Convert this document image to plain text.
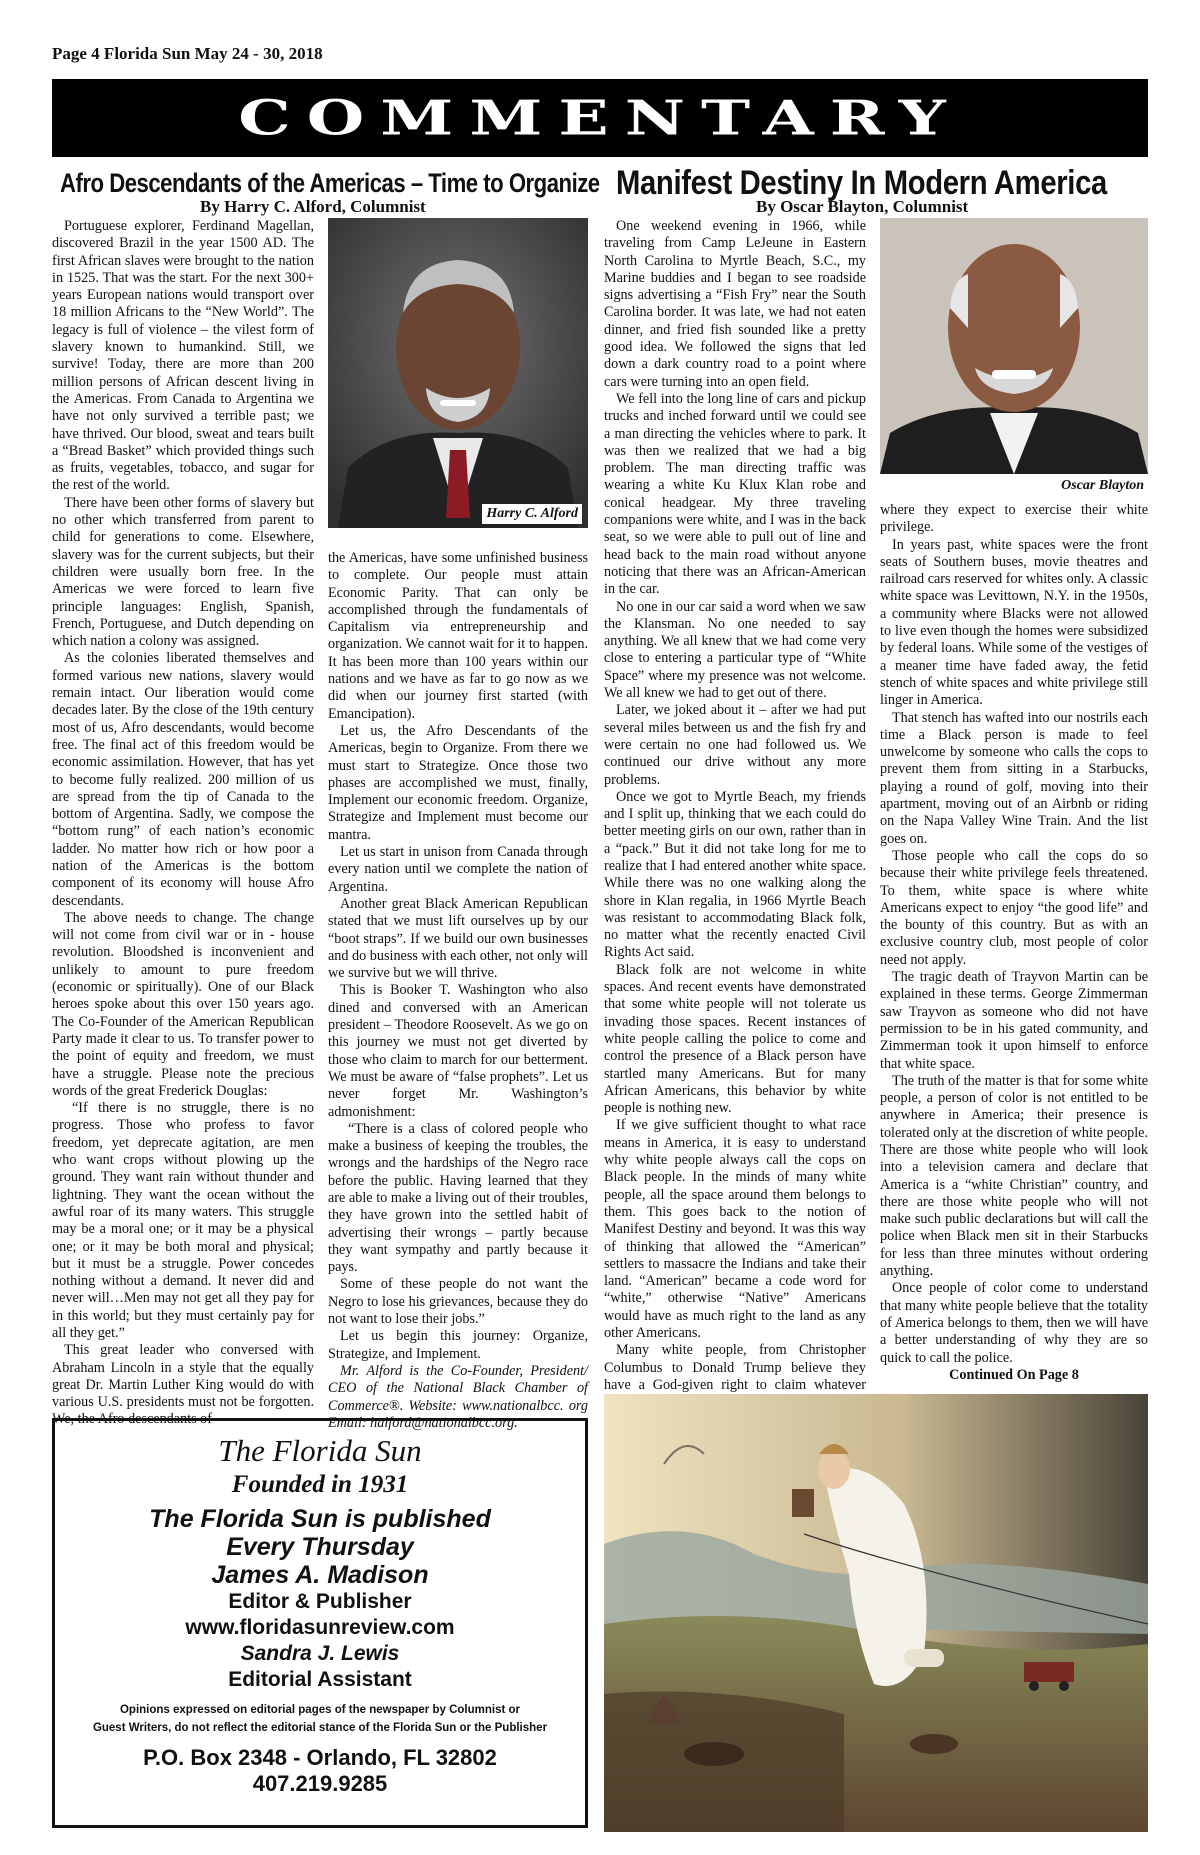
Page 4 Florida Sun May 24 - 30, 2018
COMMENTARY
Afro Descendants of the Americas – Time to Organize
By Harry C. Alford, Columnist

Portuguese explorer, Ferdinand Magellan, discovered Brazil in the year 1500 AD. The first African slaves were brought to the nation in 1525. That was the start. For the next 300+ years European nations would transport over 18 million Africans to the “New World”. The legacy is full of violence – the vilest form of slavery known to humankind. Still, we survive! Today, there are more than 200 million persons of African descent living in the Americas. From Canada to Argentina we have not only survived a terrible past; we have thrived. Our blood, sweat and tears built a “Bread Basket” which provided things such as fruits, vegetables, tobacco, and sugar for the rest of the world.

There have been other forms of slavery but no other which transferred from parent to child for generations to come. Elsewhere, slavery was for the current subjects, but their children were usually born free. In the Americas we were forced to learn five principle languages: English, Spanish, French, Portuguese, and Dutch depending on which nation a colony was assigned.

As the colonies liberated themselves and formed various new nations, slavery would remain intact. Our liberation would come decades later. By the close of the 19th century most of us, Afro descendants, would become free. The final act of this freedom would be economic assimilation. However, that has yet to become fully realized. 200 million of us are spread from the tip of Canada to the bottom of Argentina. Sadly, we compose the “bottom rung” of each nation’s economic ladder. No matter how rich or how poor a nation of the Americas is the bottom component of its economy will house Afro descendants.

The above needs to change. The change will not come from civil war or in - house revolution. Bloodshed is inconvenient and unlikely to amount to pure freedom (economic or spiritually). One of our Black heroes spoke about this over 150 years ago. The Co-Founder of the American Republican Party made it clear to us. To transfer power to the point of equity and freedom, we must have a struggle. Please note the precious words of the great Frederick Douglas:

“If there is no struggle, there is no progress. Those who profess to favor freedom, yet deprecate agitation, are men who want crops without plowing up the ground. They want rain without thunder and lightning. They want the ocean without the awful roar of its many waters. This struggle may be a moral one; or it may be a physical one; or it may be both moral and physical; but it must be a struggle. Power concedes nothing without a demand. It never did and never will…Men may not get all they pay for in this world; but they must certainly pay for all they get.”

This great leader who conversed with Abraham Lincoln in a style that the equally great Dr. Martin Luther King would do with various U.S. presidents must not be forgotten. We, the Afro descendants of

Harry C. Alford

the Americas, have some unfinished business to complete. Our people must attain Economic Parity. That can only be accomplished through the fundamentals of Capitalism via entrepreneurship and organization. We cannot wait for it to happen. It has been more than 100 years within our nations and we have as far to go now as we did when our journey first started (with Emancipation).

Let us, the Afro Descendants of the Americas, begin to Organize. From there we must start to Strategize. Once those two phases are accomplished we must, finally, Implement our economic freedom. Organize, Strategize and Implement must become our mantra.

Let us start in unison from Canada through every nation until we complete the nation of Argentina.

Another great Black American Republican stated that we must lift ourselves up by our “boot straps”. If we build our own businesses and do business with each other, not only will we survive but we will thrive.

This is Booker T. Washington who also dined and conversed with an American president – Theodore Roosevelt. As we go on this journey we must not get diverted by those who claim to march for our betterment. We must be aware of “false prophets”. Let us never forget Mr. Washington’s admonishment:

“There is a class of colored people who make a business of keeping the troubles, the wrongs and the hardships of the Negro race before the public. Having learned that they are able to make a living out of their troubles, they have grown into the settled habit of advertising their wrongs – partly because they want sympathy and partly because it pays.

Some of these people do not want the Negro to lose his grievances, because they do not want to lose their jobs.”

Let us begin this journey: Organize, Strategize, and Implement.

Mr. Alford is the Co-Founder, President/ CEO of the National Black Chamber of Commerce®. Website: www.nationalbcc. org Email: halford@nationalbcc.org.

Manifest Destiny In Modern America
By Oscar Blayton, Columnist

One weekend evening in 1966, while traveling from Camp LeJeune in Eastern North Carolina to Myrtle Beach, S.C., my Marine buddies and I began to see roadside signs advertising a “Fish Fry” near the South Carolina border. It was late, we had not eaten dinner, and fried fish sounded like a pretty good idea. We followed the signs that led down a dark country road to a point where cars were turning into an open field.

We fell into the long line of cars and pickup trucks and inched forward until we could see a man directing the vehicles where to park. It was then we realized that we had a big problem. The man directing traffic was wearing a white Ku Klux Klan robe and conical headgear. My three traveling companions were white, and I was in the back seat, so we were able to pull out of line and head back to the main road without anyone noticing that there was an African-American in the car.

No one in our car said a word when we saw the Klansman. No one needed to say anything. We all knew that we had come very close to entering a particular type of “White Space” where my presence was not welcome. We all knew we had to get out of there.

Later, we joked about it – after we had put several miles between us and the fish fry and were certain no one had followed us. We continued our drive without any more problems.

Once we got to Myrtle Beach, my friends and I split up, thinking that we each could do better meeting girls on our own, rather than in a “pack.” But it did not take long for me to realize that I had entered another white space. While there was no one walking along the shore in Klan regalia, in 1966 Myrtle Beach was resistant to accommodating Black folk, no matter what the recently enacted Civil Rights Act said.

Black folk are not welcome in white spaces. And recent events have demonstrated that some white people will not tolerate us invading those spaces. Recent instances of white people calling the police to come and control the presence of a Black person have startled many Americans. But for many African Americans, this behavior by white people is nothing new.

If we give sufficient thought to what race means in America, it is easy to understand why white people always call the cops on Black people. In the minds of many white people, all the space around them belongs to them. This goes back to the notion of Manifest Destiny and beyond. It was this way of thinking that allowed the “American” settlers to massacre the Indians and take their land. “American” became a code word for “white,” otherwise “Native” Americans would have as much right to the land as any other Americans.

Many white people, from Christopher Columbus to Donald Trump believe they have a God-given right to claim whatever

Oscar Blayton

where they expect to exercise their white privilege.

In years past, white spaces were the front seats of Southern buses, movie theatres and railroad cars reserved for whites only. A classic white space was Levittown, N.Y. in the 1950s, a community where Blacks were not allowed to live even though the homes were subsidized by federal loans. While some of the vestiges of a meaner time have faded away, the fetid stench of white spaces and white privilege still linger in America.

That stench has wafted into our nostrils each time a Black person is made to feel unwelcome by someone who calls the cops to prevent them from sitting in a Starbucks, playing a round of golf, moving into their apartment, moving out of an Airbnb or riding on the Napa Valley Wine Train. And the list goes on.

Those people who call the cops do so because their white privilege feels threatened. To them, white space is where white Americans expect to enjoy “the good life” and the bounty of this country. But as with an exclusive country club, most people of color need not apply.

The tragic death of Trayvon Martin can be explained in these terms. George Zimmerman saw Trayvon as someone who did not have permission to be in his gated community, and Zimmerman took it upon himself to enforce that white space.

The truth of the matter is that for some white people, a person of color is not entitled to be anywhere in America; their presence is tolerated only at the discretion of white people. There are those white people who will look into a television camera and declare that America is a “white Christian” country, and there are those white people who will not make such public declarations but will call the police when Black men sit in their Starbucks for less than three minutes without ordering anything.

Once people of color come to understand that many white people believe that the totality of America belongs to them, then we will have a better understanding of why they are so quick to call the police.

Continued On Page 8

The Florida Sun
Founded in 1931
The Florida Sun is published
Every Thursday
James A. Madison
Editor & Publisher
www.floridasunreview.com
Sandra J. Lewis
Editorial Assistant
Opinions expressed on editorial pages of the newspaper by Columnist or
Guest Writers, do not reflect the editorial stance of the Florida Sun or the Publisher
P.O. Box 2348 - Orlando, FL 32802
407.219.9285
